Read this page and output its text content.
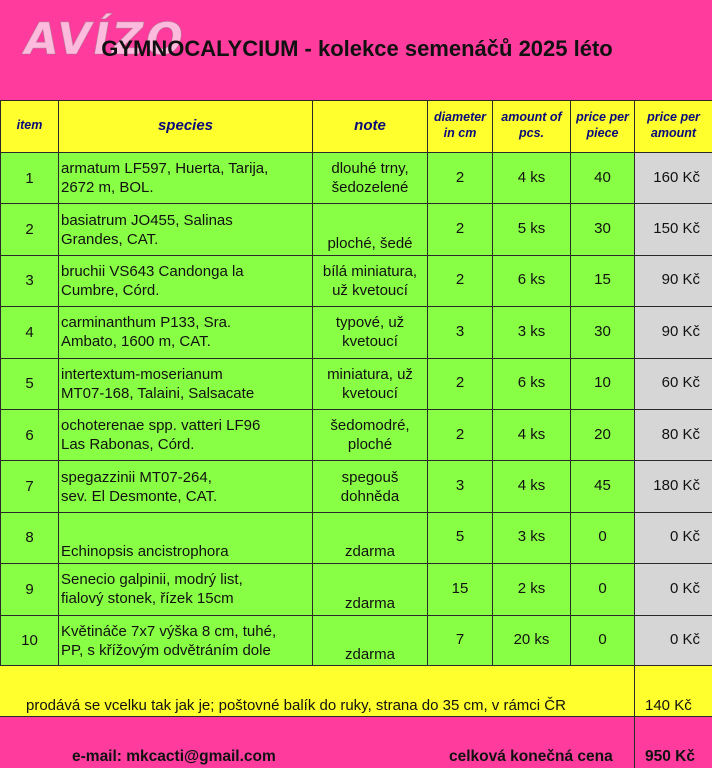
AVÍZO
GYMNOCALYCIUM - kolekce semenáčů 2025 léto
item	species	note	diameter
in cm	amount of
pcs.	price per
piece	price per
amount
1	armatum LF597, Huerta, Tarija,
2672 m, BOL.	dlouhé trny,
šedozelené	2	4 ks	40	160 Kč
2	basiatrum JO455, Salinas
Grandes, CAT.	ploché, šedé	2	5 ks	30	150 Kč
3	bruchii VS643 Candonga la
Cumbre, Córd.	bílá miniatura,
už kvetoucí	2	6 ks	15	90 Kč
4	carminanthum P133, Sra.
Ambato, 1600 m, CAT.	typové, už
kvetoucí	3	3 ks	30	90 Kč
5	intertextum-moserianum
MT07-168, Talaini, Salsacate	miniatura, už
kvetoucí	2	6 ks	10	60 Kč
6	ochoterenae spp. vatteri LF96
Las Rabonas, Córd.	šedomodré,
ploché	2	4 ks	20	80 Kč
7	spegazzinii MT07-264,
sev. El Desmonte, CAT.	spegouš
dohněda	3	4 ks	45	180 Kč
8	Echinopsis ancistrophora	zdarma	5	3 ks	0	0 Kč
9	Senecio galpinii, modrý list,
fialový stonek, řízek 15cm	zdarma	15	2 ks	0	0 Kč
10	Květináče 7x7 výška 8 cm, tuhé,
PP, s křížovým odvětráním dole	zdarma	7	20 ks	0	0 Kč
prodává se vcelku tak jak je; poštovné balík do ruky, strana do 35 cm, v rámci ČR	140 Kč
e-mail: mkcacti@gmail.com	celková konečná cena 950 Kč
